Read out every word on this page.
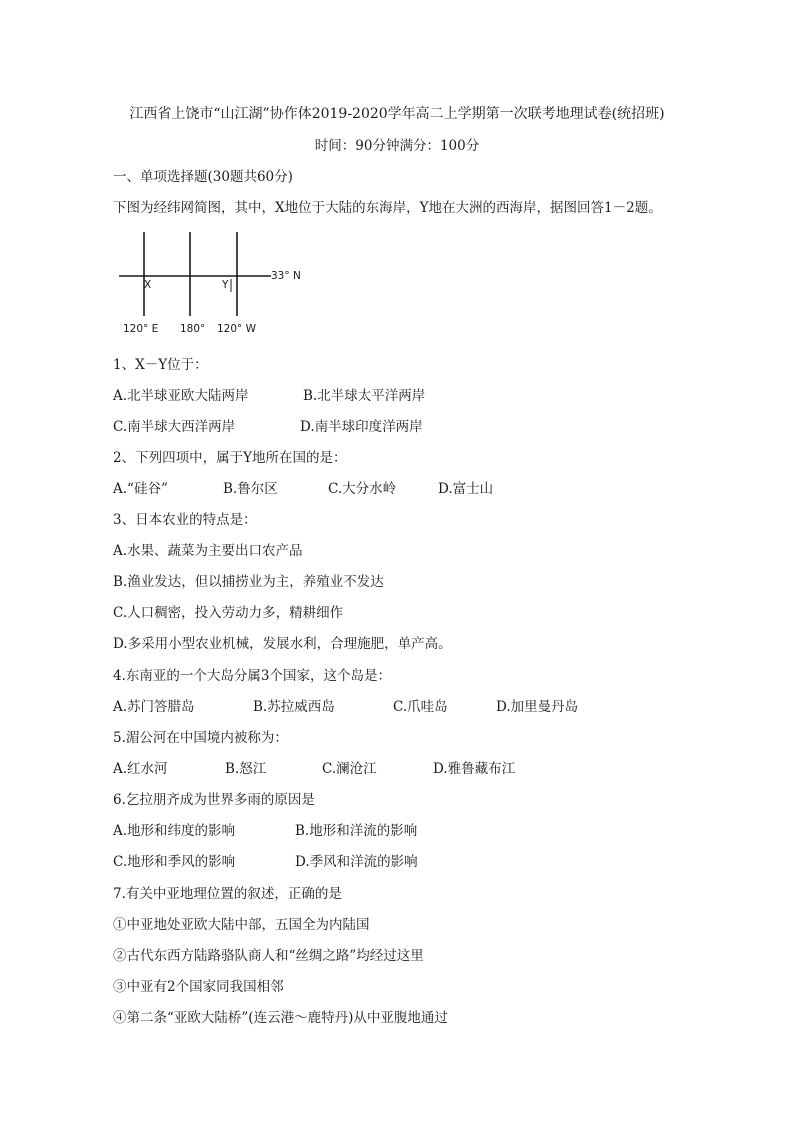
江西省上饶市“山江湖”协作体2019-2020学年高二上学期第一次联考地理试卷(统招班)
时间：90分钟满分：100分
一、单项选择题(30题共60分)
下图为经纬网简图，其中，X地位于大陆的东海岸，Y地在大洲的西海岸，据图回答1－2题。
33° N
X	Y
120° E 180° 120° W
1、X－Y位于：
A.北半球亚欧大陆两岸	B.北半球太平洋两岸
C.南半球大西洋两岸	D.南半球印度洋两岸
2、下列四项中，属于Y地所在国的是：
A.“硅谷”	B.鲁尔区	C.大分水岭	D.富士山
3、日本农业的特点是：
A.水果、蔬菜为主要出口农产品
B.渔业发达，但以捕捞业为主，养殖业不发达
C.人口稠密，投入劳动力多，精耕细作
D.多采用小型农业机械，发展水利，合理施肥，单产高。
4.东南亚的一个大岛分属3个国家，这个岛是：
A.苏门答腊岛	B.苏拉威西岛	C.爪哇岛	D.加里曼丹岛
5.湄公河在中国境内被称为：
A.红水河	B.怒江	C.澜沧江	D.雅鲁藏布江
6.乞拉朋齐成为世界多雨的原因是
A.地形和纬度的影响	B.地形和洋流的影响
C.地形和季风的影响	D.季风和洋流的影响
7.有关中亚地理位置的叙述，正确的是
①中亚地处亚欧大陆中部，五国全为内陆国
②古代东西方陆路骆队商人和“丝绸之路”均经过这里
③中亚有2个国家同我国相邻
④第二条“亚欧大陆桥”(连云港～鹿特丹)从中亚腹地通过
